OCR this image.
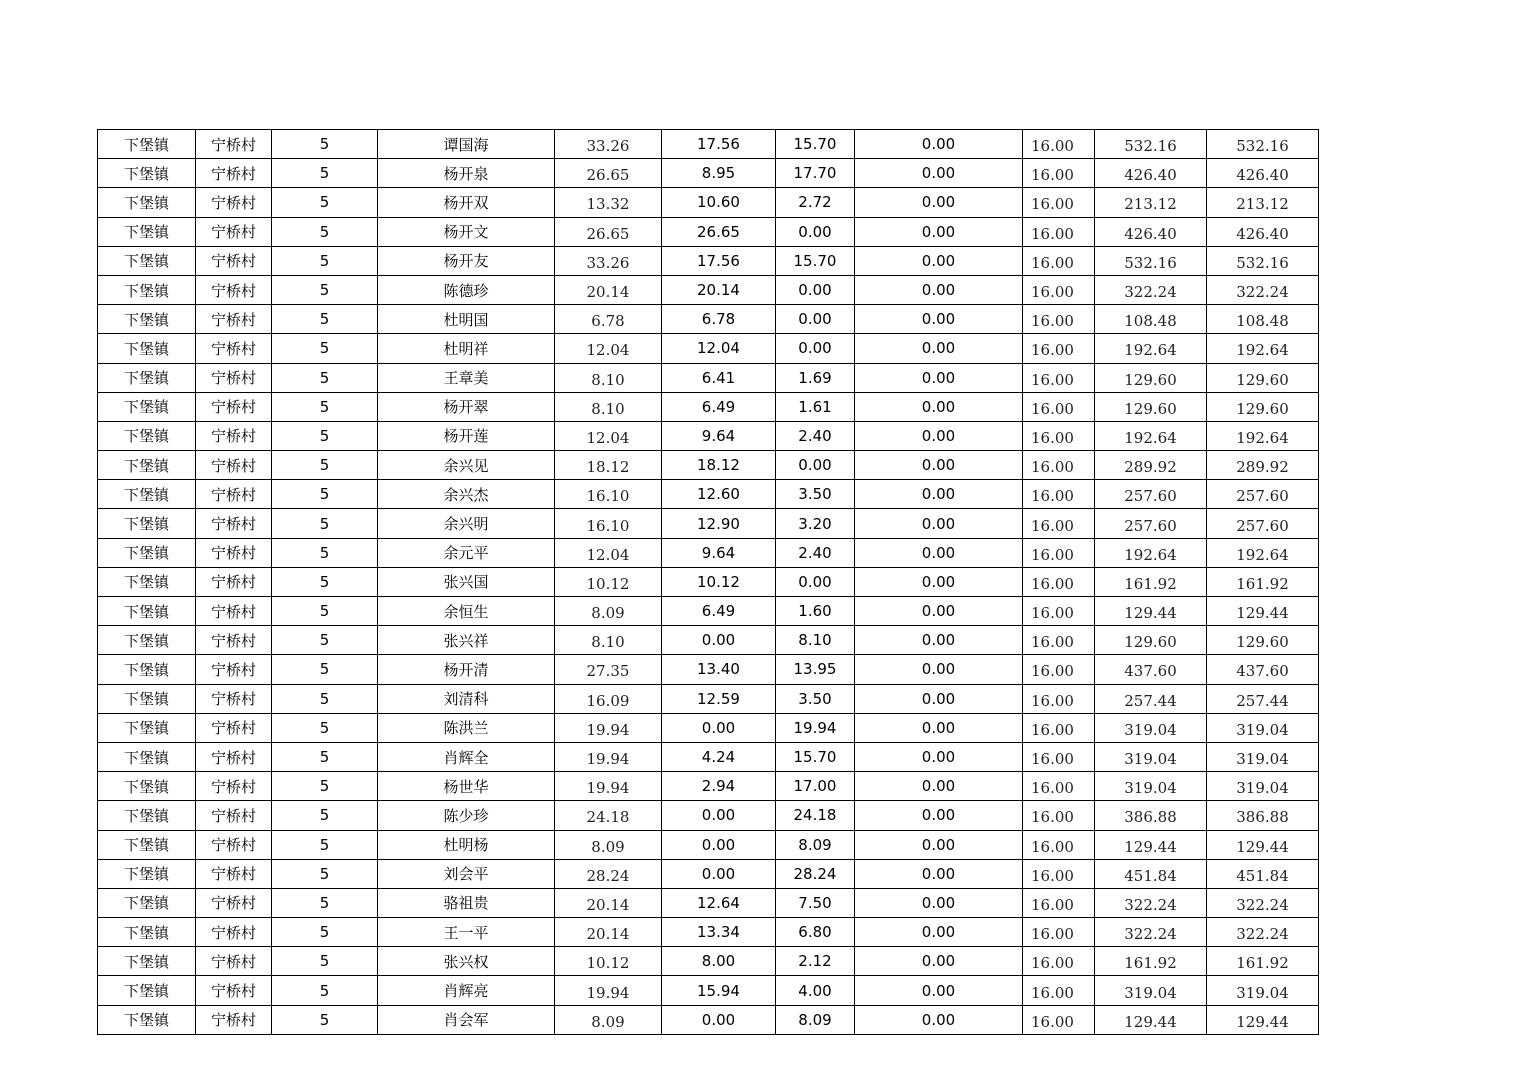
下堡镇	宁桥村	5	谭国海	33.26	17.56	15.70	0.00	16.00	532.16	532.16
下堡镇	宁桥村	5	杨开泉	26.65	8.95	17.70	0.00	16.00	426.40	426.40
下堡镇	宁桥村	5	杨开双	13.32	10.60	2.72	0.00	16.00	213.12	213.12
下堡镇	宁桥村	5	杨开文	26.65	26.65	0.00	0.00	16.00	426.40	426.40
下堡镇	宁桥村	5	杨开友	33.26	17.56	15.70	0.00	16.00	532.16	532.16
下堡镇	宁桥村	5	陈德珍	20.14	20.14	0.00	0.00	16.00	322.24	322.24
下堡镇	宁桥村	5	杜明国	6.78	6.78	0.00	0.00	16.00	108.48	108.48
下堡镇	宁桥村	5	杜明祥	12.04	12.04	0.00	0.00	16.00	192.64	192.64
下堡镇	宁桥村	5	王章美	8.10	6.41	1.69	0.00	16.00	129.60	129.60
下堡镇	宁桥村	5	杨开翠	8.10	6.49	1.61	0.00	16.00	129.60	129.60
下堡镇	宁桥村	5	杨开莲	12.04	9.64	2.40	0.00	16.00	192.64	192.64
下堡镇	宁桥村	5	余兴见	18.12	18.12	0.00	0.00	16.00	289.92	289.92
下堡镇	宁桥村	5	余兴杰	16.10	12.60	3.50	0.00	16.00	257.60	257.60
下堡镇	宁桥村	5	余兴明	16.10	12.90	3.20	0.00	16.00	257.60	257.60
下堡镇	宁桥村	5	余元平	12.04	9.64	2.40	0.00	16.00	192.64	192.64
下堡镇	宁桥村	5	张兴国	10.12	10.12	0.00	0.00	16.00	161.92	161.92
下堡镇	宁桥村	5	余恒生	8.09	6.49	1.60	0.00	16.00	129.44	129.44
下堡镇	宁桥村	5	张兴祥	8.10	0.00	8.10	0.00	16.00	129.60	129.60
下堡镇	宁桥村	5	杨开清	27.35	13.40	13.95	0.00	16.00	437.60	437.60
下堡镇	宁桥村	5	刘清科	16.09	12.59	3.50	0.00	16.00	257.44	257.44
下堡镇	宁桥村	5	陈洪兰	19.94	0.00	19.94	0.00	16.00	319.04	319.04
下堡镇	宁桥村	5	肖辉全	19.94	4.24	15.70	0.00	16.00	319.04	319.04
下堡镇	宁桥村	5	杨世华	19.94	2.94	17.00	0.00	16.00	319.04	319.04
下堡镇	宁桥村	5	陈少珍	24.18	0.00	24.18	0.00	16.00	386.88	386.88
下堡镇	宁桥村	5	杜明杨	8.09	0.00	8.09	0.00	16.00	129.44	129.44
下堡镇	宁桥村	5	刘会平	28.24	0.00	28.24	0.00	16.00	451.84	451.84
下堡镇	宁桥村	5	骆祖贵	20.14	12.64	7.50	0.00	16.00	322.24	322.24
下堡镇	宁桥村	5	王一平	20.14	13.34	6.80	0.00	16.00	322.24	322.24
下堡镇	宁桥村	5	张兴权	10.12	8.00	2.12	0.00	16.00	161.92	161.92
下堡镇	宁桥村	5	肖辉亮	19.94	15.94	4.00	0.00	16.00	319.04	319.04
下堡镇	宁桥村	5	肖会军	8.09	0.00	8.09	0.00	16.00	129.44	129.44
